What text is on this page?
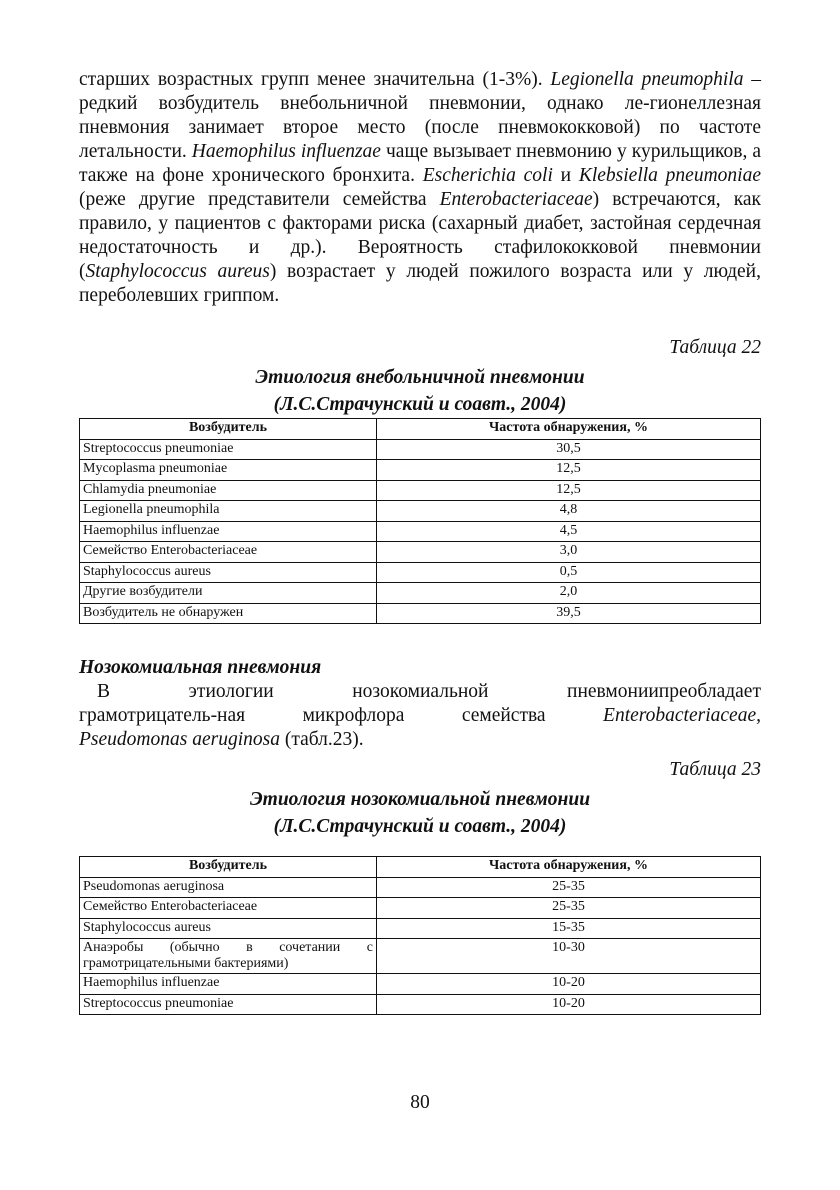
старших возрастных групп менее значительна (1-3%). Legionella pneumophila – редкий возбудитель внебольничной пневмонии, однако ле-гионеллезная пневмония занимает второе место (после пневмококковой) по частоте летальности. Haemophilus influenzae чаще вызывает пневмонию у курильщиков, а также на фоне хронического бронхита. Escherichia coli и Klebsiella pneumoniae (реже другие представители семейства Enterobacteriaceae) встречаются, как правило, у пациентов с факторами риска (сахарный диабет, застойная сердечная недостаточность и др.). Вероятность стафилококковой пневмонии (Staphylococcus aureus) возрастает у людей пожилого возраста или у людей, переболевших гриппом.

Таблица 22

Этиология внебольничной пневмонии

(Л.С.Страчунский и соавт., 2004)

Возбудитель	Частота обнаружения, %
Streptococcus pneumoniae	30,5
Mycoplasma pneumoniae	12,5
Chlamydia pneumoniae	12,5
Legionella pneumophila	4,8
Haemophilus influenzae	4,5
Семейство Enterobacteriaceae	3,0
Staphylococcus aureus	0,5
Другие возбудители	2,0
Возбудитель не обнаружен	39,5

Нозокомиальная пневмония

В	этиологии	нозокомиальной	пневмониипреобладает
грамотрицатель-ная	микрофлора	семейства	Enterobacteriaceae,
Pseudomonas aeruginosa (табл.23).

Таблица 23

Этиология нозокомиальной пневмонии

(Л.С.Страчунский и соавт., 2004)

Возбудитель	Частота обнаружения, %
Pseudomonas aeruginosa	25-35
Семейство Enterobacteriaceae	25-35
Staphylococcus aureus	15-35
Анаэробы (обычно в сочетании с грамотрицательными бактериями)	10-30
Haemophilus influenzae	10-20
Streptococcus pneumoniae	10-20
80
